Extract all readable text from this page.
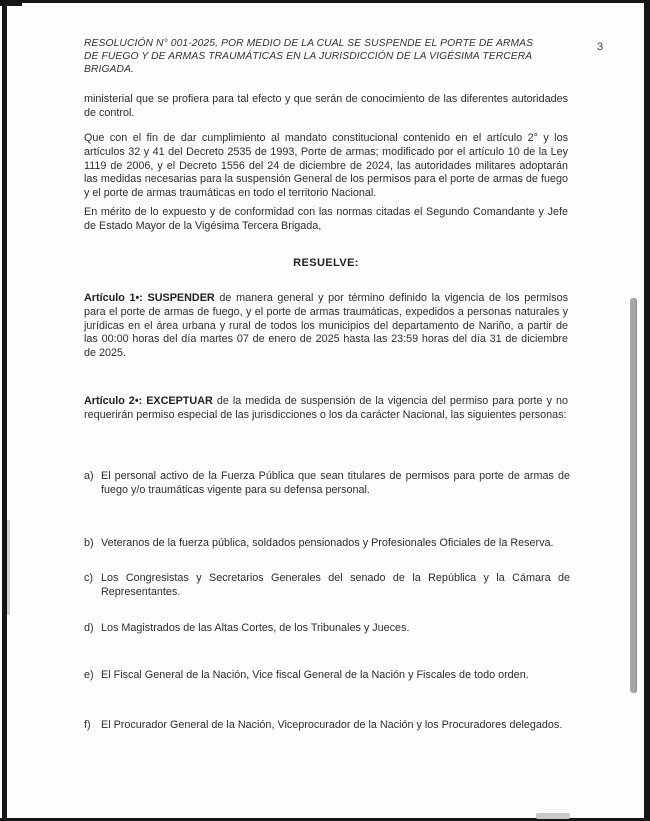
RESOLUCIÓN N° 001-2025, POR MEDIO DE LA CUAL SE SUSPENDE EL PORTE DE ARMAS DE FUEGO Y DE ARMAS TRAUMÁTICAS EN LA JURISDICCIÓN DE LA VIGÉSIMA TERCERA BRIGADA.
3

ministerial que se profiera para tal efecto y que serán de conocimiento de las diferentes autoridades de control.

Que con el fin de dar cumplimiento al mandato constitucional contenido en el artículo 2° y los artículos 32 y 41 del Decreto 2535 de 1993, Porte de armas; modificado por el artículo 10 de la Ley 1119 de 2006, y el Decreto 1556 del 24 de diciembre de 2024, las autoridades militares adoptarán las medidas necesarias para la suspensión General de los permisos para el porte de armas de fuego y el porte de armas traumáticas en todo el territorio Nacional.

En mérito de lo expuesto y de conformidad con las normas citadas el Segundo Comandante y Jefe de Estado Mayor de la Vigésima Tercera Brigada,

RESUELVE:

Artículo 1•: SUSPENDER de manera general y por término definido la vigencia de los permisos para el porte de armas de fuego, y el porte de armas traumáticas, expedidos a personas naturales y jurídicas en el área urbana y rural de todos los municipios del departamento de Nariño, a partir de las 00:00 horas del día martes 07 de enero de 2025 hasta las 23:59 horas del día 31 de diciembre de 2025.

Artículo 2•: EXCEPTUAR de la medida de suspensión de la vigencia del permiso para porte y no requerirán permiso especial de las jurisdicciones o los da carácter Nacional, las siguientes personas:

a) El personal activo de la Fuerza Pública que sean titulares de permisos para porte de armas de fuego y/o traumáticas vigente para su defensa personal.
b) Veteranos de la fuerza pública, soldados pensionados y Profesionales Oficiales de la Reserva.
c) Los Congresistas y Secretarios Generales del senado de la República y la Cámara de Representantes.
d) Los Magistrados de las Altas Cortes, de los Tribunales y Jueces.
e) El Fiscal General de la Nación, Vice fiscal General de la Nación y Fiscales de todo orden.
f) El Procurador General de la Nación, Viceprocurador de la Nación y los Procuradores delegados.
